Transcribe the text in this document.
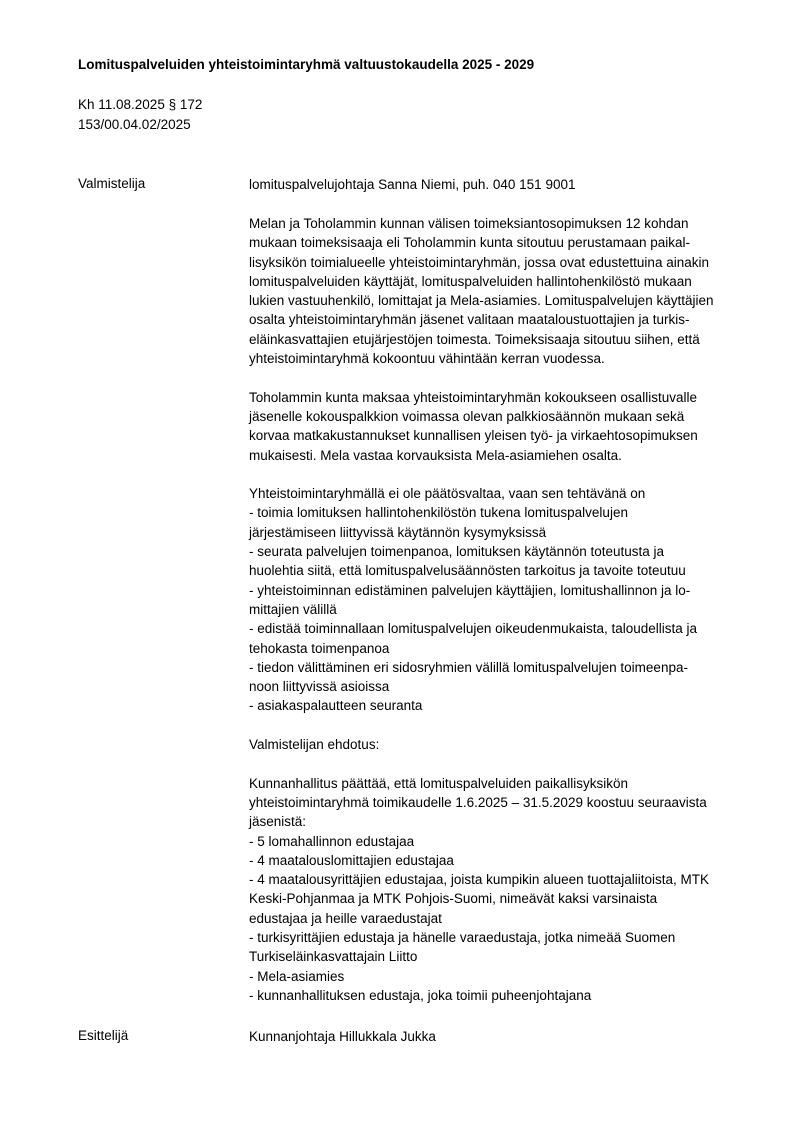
Lomituspalveluiden yhteistoimintaryhmä valtuustokaudella 2025 - 2029
Kh 11.08.2025 § 172
153/00.04.02/2025
Valmistelija	lomituspalvelujohtaja Sanna Niemi, puh. 040 151 9001
Melan ja Toholammin kunnan välisen toimeksiantosopimuksen 12 kohdan
mukaan toimeksisaaja eli Toholammin kunta sitoutuu perustamaan paikal-
lisyksikön toimialueelle yhteistoimintaryhmän, jossa ovat edustettuina ainakin
lomituspalveluiden käyttäjät, lomituspalveluiden hallintohenkilöstö mukaan
lukien vastuuhenkilö, lomittajat ja Mela-asiamies. Lomituspalvelujen käyttäjien
osalta yhteistoimintaryhmän jäsenet valitaan maataloustuottajien ja turkis-
eläinkasvattajien etujärjestöjen toimesta. Toimeksisaaja sitoutuu siihen, että
yhteistoimintaryhmä kokoontuu vähintään kerran vuodessa.
Toholammin kunta maksaa yhteistoimintaryhmän kokoukseen osallistuvalle
jäsenelle kokouspalkkion voimassa olevan palkkiosäännön mukaan sekä
korvaa matkakustannukset kunnallisen yleisen työ- ja virkaehtosopimuksen
mukaisesti. Mela vastaa korvauksista Mela-asiamiehen osalta.
Yhteistoimintaryhmällä ei ole päätösvaltaa, vaan sen tehtävänä on
- toimia lomituksen hallintohenkilöstön tukena lomituspalvelujen
järjestämiseen liittyvissä käytännön kysymyksissä
- seurata palvelujen toimenpanoa, lomituksen käytännön toteutusta ja
huolehtia siitä, että lomituspalvelusäännösten tarkoitus ja tavoite toteutuu
- yhteistoiminnan edistäminen palvelujen käyttäjien, lomitushallinnon ja lo-
mittajien välillä
- edistää toiminnallaan lomituspalvelujen oikeudenmukaista, taloudellista ja
tehokasta toimenpanoa
- tiedon välittäminen eri sidosryhmien välillä lomituspalvelujen toimeenpa-
noon liittyvissä asioissa
- asiakaspalautteen seuranta
Valmistelijan ehdotus:
Kunnanhallitus päättää, että lomituspalveluiden paikallisyksikön
yhteistoimintaryhmä toimikaudelle 1.6.2025 – 31.5.2029 koostuu seuraavista
jäsenistä:
- 5 lomahallinnon edustajaa
- 4 maatalouslomittajien edustajaa
- 4 maatalousyrittäjien edustajaa, joista kumpikin alueen tuottajaliitoista, MTK
Keski-Pohjanmaa ja MTK Pohjois-Suomi, nimeävät kaksi varsinaista
edustajaa ja heille varaedustajat
- turkisyrittäjien edustaja ja hänelle varaedustaja, jotka nimeää Suomen
Turkiseläinkasvattajain Liitto
- Mela-asiamies
- kunnanhallituksen edustaja, joka toimii puheenjohtajana
Esittelijä	Kunnanjohtaja Hillukkala Jukka
